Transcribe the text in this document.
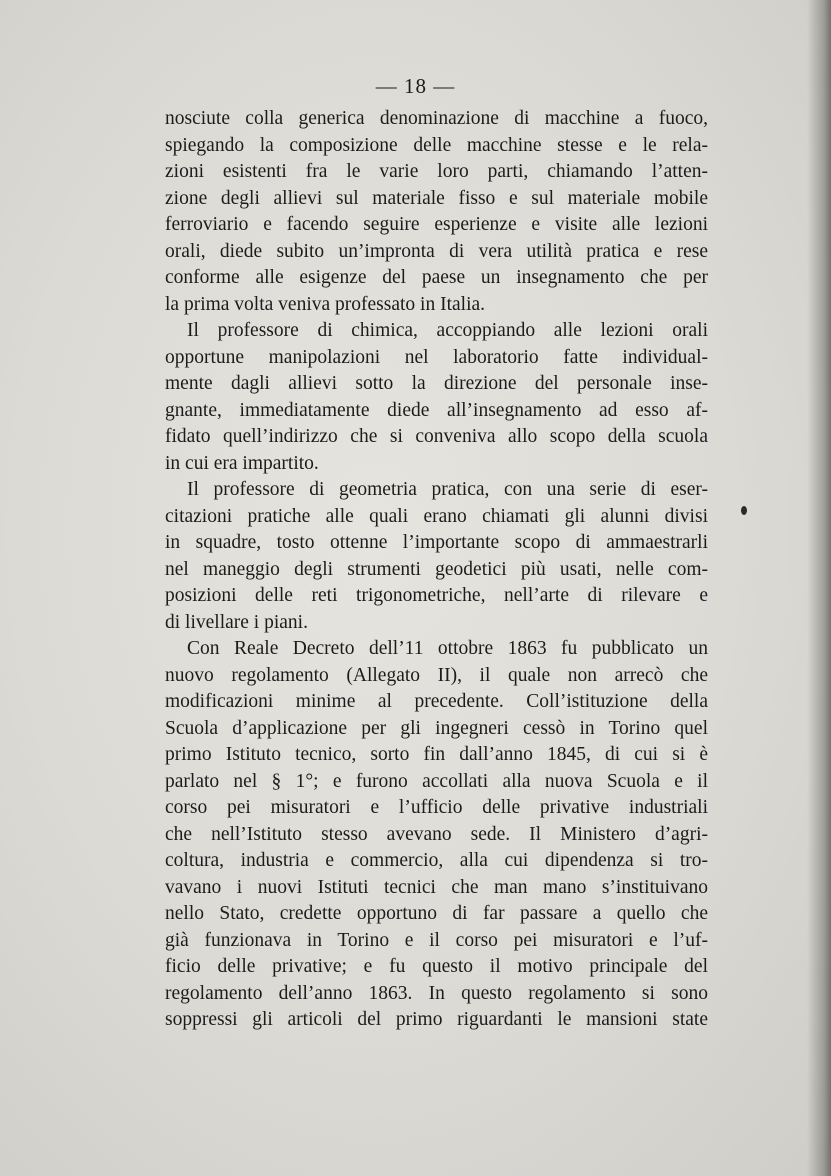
— 18 —
nosciute colla generica denominazione di macchine a fuoco,
spiegando la composizione delle macchine stesse e le rela-
zioni esistenti fra le varie loro parti, chiamando l’atten-
zione degli allievi sul materiale fisso e sul materiale mobile
ferroviario e facendo seguire esperienze e visite alle lezioni
orali, diede subito un’impronta di vera utilità pratica e rese
conforme alle esigenze del paese un insegnamento che per
la prima volta veniva professato in Italia.
Il professore di chimica, accoppiando alle lezioni orali
opportune manipolazioni nel laboratorio fatte individual-
mente dagli allievi sotto la direzione del personale inse-
gnante, immediatamente diede all’insegnamento ad esso af-
fidato quell’indirizzo che si conveniva allo scopo della scuola
in cui era impartito.
Il professore di geometria pratica, con una serie di eser-
citazioni pratiche alle quali erano chiamati gli alunni divisi
in squadre, tosto ottenne l’importante scopo di ammaestrarli
nel maneggio degli strumenti geodetici più usati, nelle com-
posizioni delle reti trigonometriche, nell’arte di rilevare e
di livellare i piani.
Con Reale Decreto dell’11 ottobre 1863 fu pubblicato un
nuovo regolamento (Allegato II), il quale non arrecò che
modificazioni minime al precedente. Coll’istituzione della
Scuola d’applicazione per gli ingegneri cessò in Torino quel
primo Istituto tecnico, sorto fin dall’anno 1845, di cui si è
parlato nel § 1°; e furono accollati alla nuova Scuola e il
corso pei misuratori e l’ufficio delle privative industriali
che nell’Istituto stesso avevano sede. Il Ministero d’agri-
coltura, industria e commercio, alla cui dipendenza si tro-
vavano i nuovi Istituti tecnici che man mano s’instituivano
nello Stato, credette opportuno di far passare a quello che
già funzionava in Torino e il corso pei misuratori e l’uf-
ficio delle privative; e fu questo il motivo principale del
regolamento dell’anno 1863. In questo regolamento si sono
soppressi gli articoli del primo riguardanti le mansioni state
